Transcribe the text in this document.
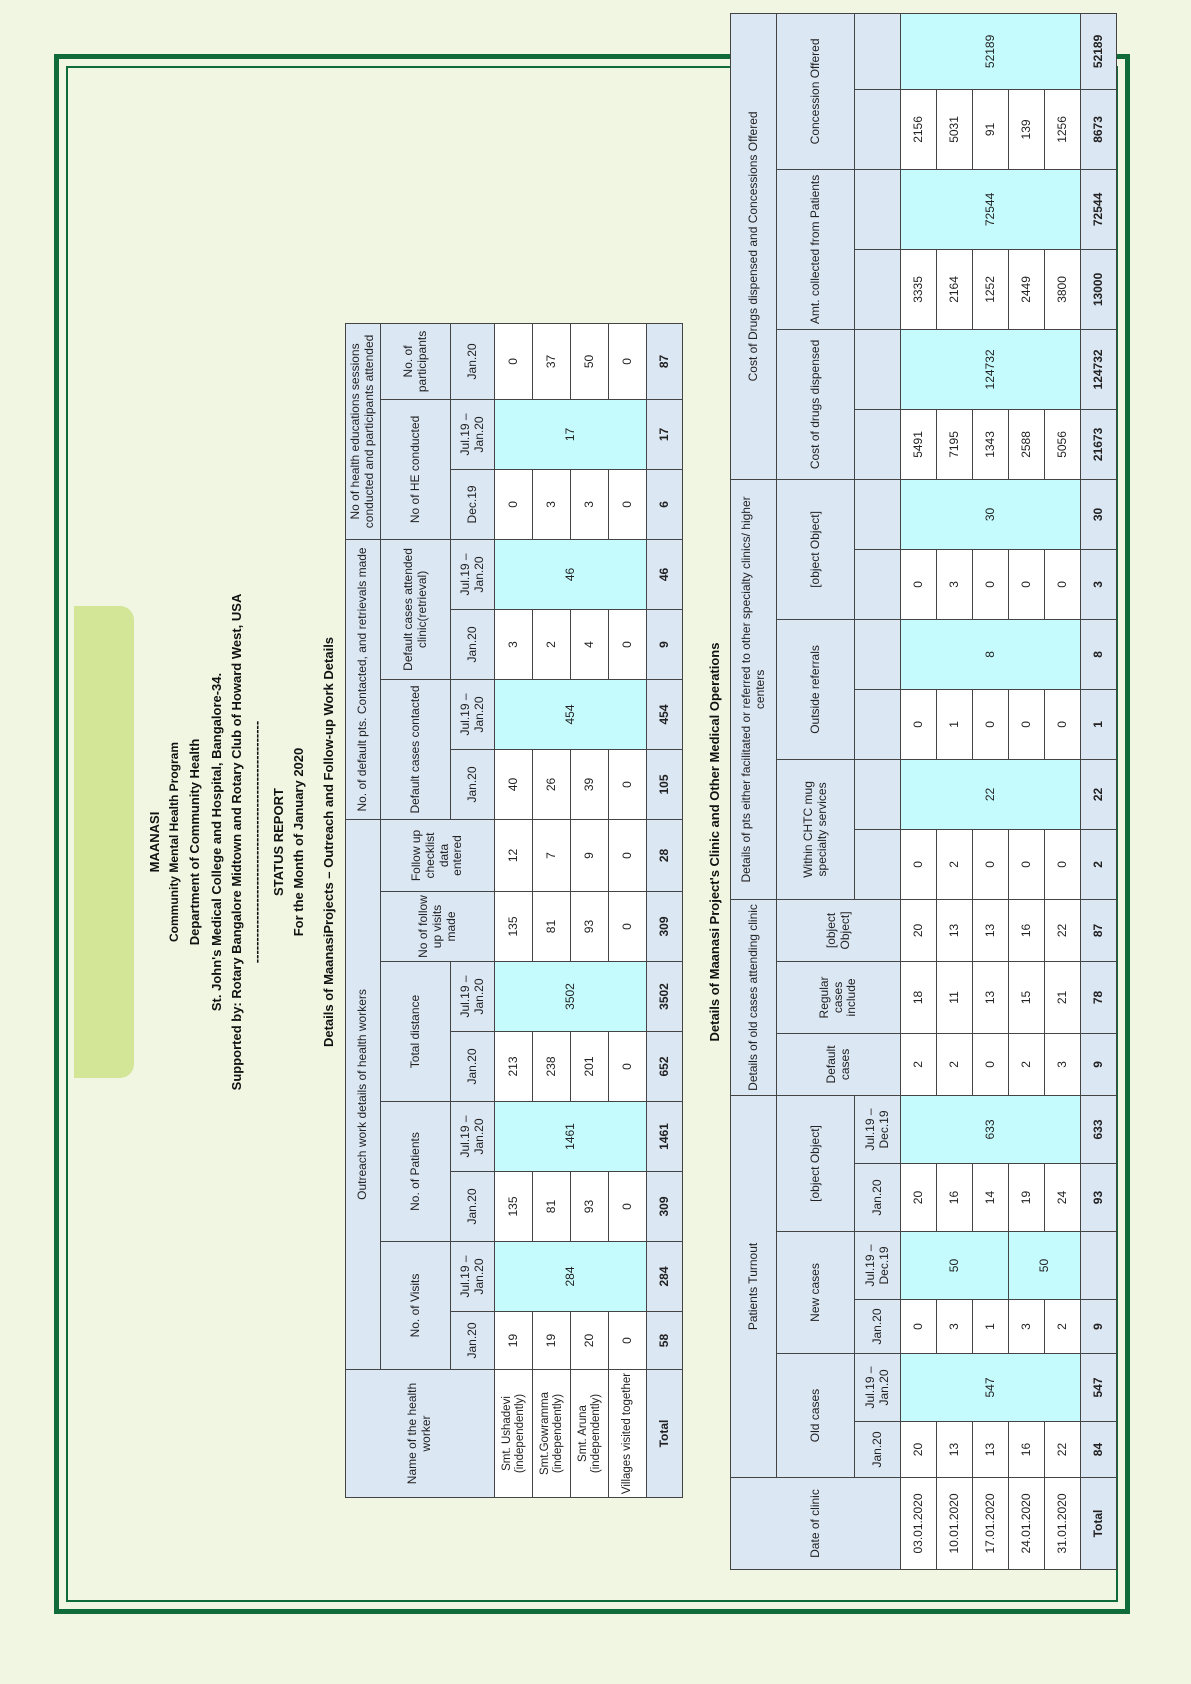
MAANASI Community Mental Health Program Department of Community Health St. John's Medical College and Hospital, Bangalore-34. Supported by: Rotary Bangalore Midtown and Rotary Club of Howard West, USA -------------------------------------------------------- STATUS REPORT For the Month of January 2020 Details of MaanasiProjects – Outreach and Follow-up Work Details
Name of the health worker	Outreach work details of health workers								No. of default pts. Contacted, and retrievals made				No of health educations sessions conducted and participants attended			
	No. of Visits		No. of Patients		Total distance		No of follow up visits made	Follow up checklist data entered	Default cases contacted		Default cases attended clinic(retrieval)		No of HE conducted		No. of participants	
	Jan.20	Jul.19 – Jan.20	Jan.20	Jul.19 – Jan.20	Jan.20	Jul.19 – Jan.20			Jan.20	Jul.19 – Jan.20	Jan.20	Jul.19 – Jan.20	Dec.19	Jul.19 – Jan.20	Jan.20	
Smt. Ushadevi (independently)	19	284	135	1461	213	3502	135	12	40	454	3	46	0	17	0	
Smt.Gowramma (independently)	19		81		238		81	7	26		2		3		37	
Smt. Aruna (independently)	20		93		201		93	9	39		4		3		50	
Villages visited together	0		0		0		0	0	0		0		0		0	
Total	58	284	309	1461	652	3502	309	28	105	454	9	46	6	17	87	
Details of Maanasi Project's Clinic and Other Medical Operations
Date of clinic	Patients Turnout						Details of old cases attending clinic			Details of pts either facilitated or referred to other specialty clinics/ higher centers						Cost of Drugs dispensed and Concessions Offered					
	Old cases		New cases		[object Object]		Default cases	Regular cases include	[object Object]	Within CHTC mug specialty services		Outside referrals		[object Object]		Cost of drugs dispensed		Amt. collected from Patients		Concession Offered	
	Jan.20	Jul.19 – Jan.20	Jan.20	Jul.19 – Dec.19	Jan.20	Jul.19 – Dec.19															
03.01.2020	20	547	0	50	20	633	2	18	20	0	22	0	8	0	30	5491	124732	3335	72544	2156	52189
10.01.2020	13		3		16		2	11	13	2		1		3		7195		2164		5031	
17.01.2020	13		1		14		0	13	13	0		0		0		1343		1252		91	
24.01.2020	16		3	50	19		2	15	16	0		0		0		2588		2449		139	
31.01.2020	22		2		24		3	21	22	0		0		0		5056		3800		1256	
Total	84	547	9		93	633	9	78	87	2	22	1	8	3	30	21673	124732	13000	72544	8673	52189
